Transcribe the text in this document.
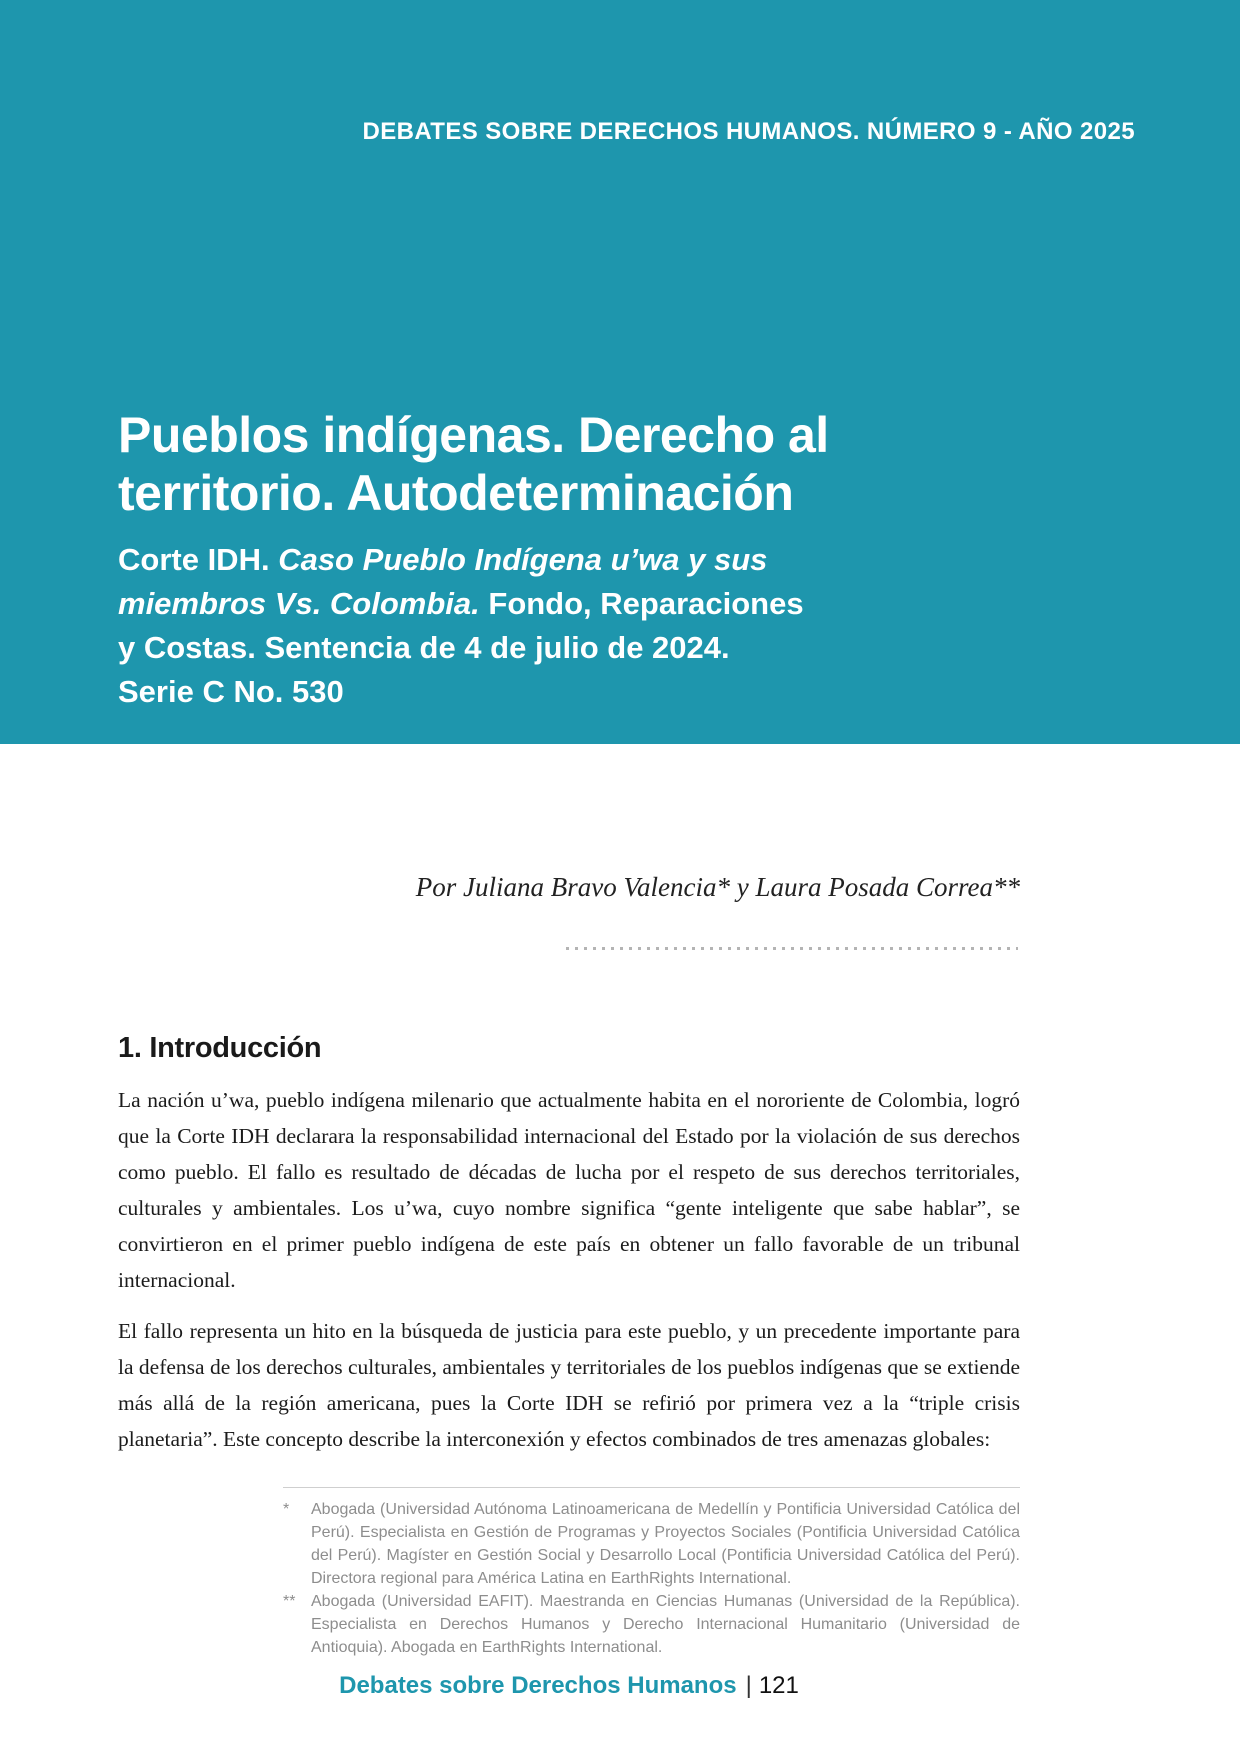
DEBATES SOBRE DERECHOS HUMANOS. NÚMERO 9 - AÑO 2025
Pueblos indígenas. Derecho al
territorio. Autodeterminación
Corte IDH. Caso Pueblo Indígena u’wa y sus
miembros Vs. Colombia. Fondo, Reparaciones
y Costas. Sentencia de 4 de julio de 2024.
Serie C No. 530
Por Juliana Bravo Valencia* y Laura Posada Correa**
1. Introducción

La nación u’wa, pueblo indígena milenario que actualmente habita en el nororiente de Colombia, logró que la Corte IDH declarara la responsabilidad internacional del Estado por la violación de sus derechos como pueblo. El fallo es resultado de décadas de lucha por el respeto de sus derechos territoriales, culturales y ambientales. Los u’wa, cuyo nombre significa “gente inteligente que sabe hablar”, se convirtieron en el primer pueblo indígena de este país en obtener un fallo favorable de un tribunal internacional.

El fallo representa un hito en la búsqueda de justicia para este pueblo, y un precedente importante para la defensa de los derechos culturales, ambientales y territoriales de los pueblos indígenas que se extiende más allá de la región americana, pues la Corte IDH se refirió por primera vez a la “triple crisis planetaria”. Este concepto describe la interconexión y efectos combinados de tres amenazas globales:

*	Abogada (Universidad Autónoma Latinoamericana de Medellín y Pontificia Universidad Católica del Perú). Especialista en Gestión de Programas y Proyectos Sociales (Pontificia Universidad Católica del Perú). Magíster en Gestión Social y Desarrollo Local (Pontificia Universidad Católica del Perú). Directora regional para América Latina en EarthRights International.
** Abogada (Universidad EAFIT). Maestranda en Ciencias Humanas (Universidad de la República). Especialista en Derechos Humanos y Derecho Internacional Humanitario (Universidad de Antioquia). Abogada en EarthRights International.
Debates sobre Derechos Humanos | 121
